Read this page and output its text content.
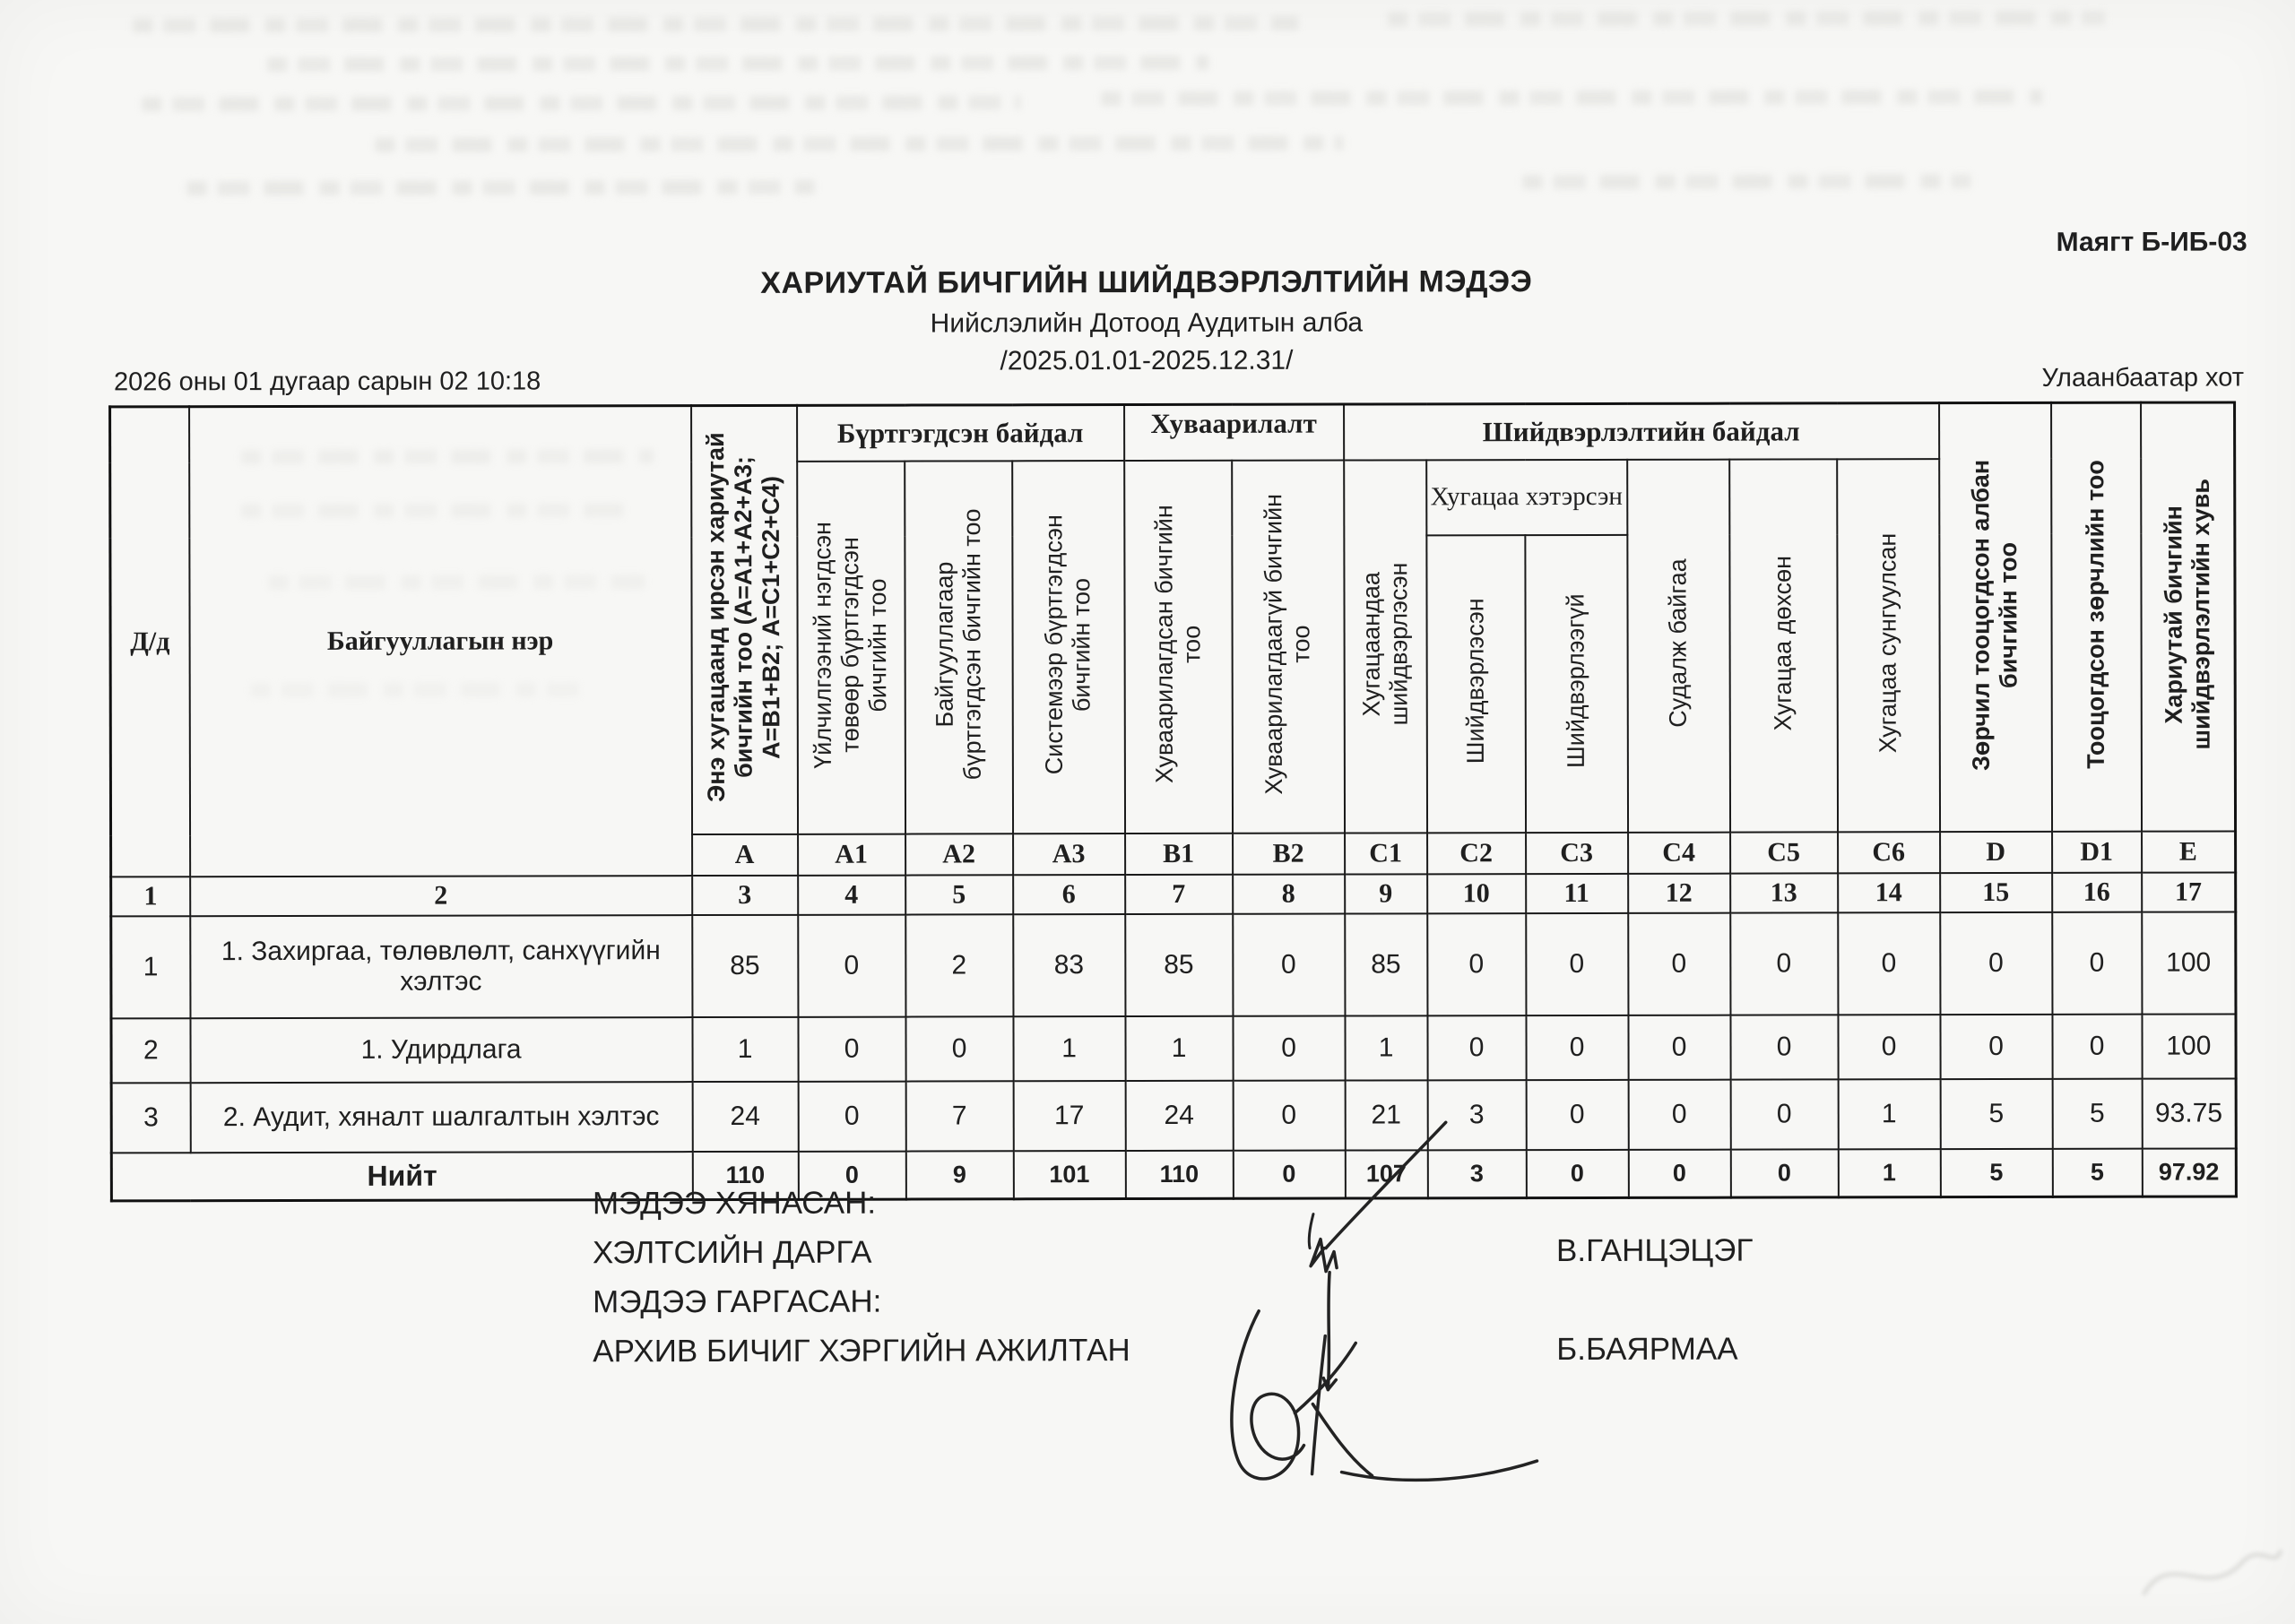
Маягт Б-ИБ-03
ХАРИУТАЙ БИЧГИЙН ШИЙДВЭРЛЭЛТИЙН МЭДЭЭ
Нийслэлийн Дотоод Аудитын алба
/2025.01.01-2025.12.31/
2026 оны 01 дугаар сарын 02 10:18	Улаанбаатар хот
Д/д	Байгууллагын нэр	Энэ хугацаанд ирсэн хариутай бичгийн тоо (А=А1+А2+А3; А=В1+В2; А=С1+С2+С4)	Бүртгэгдсэн байдал			Хуваарилалт		Шийдвэрлэлтийн байдал						Зөрчил тооцогдсон албан бичгийн тоо	Тооцогдсон зөрчлийн тоо	Хариутай бичгийн шийдвэрлэлтийн хувь
			Үйлчилгээний нэгдсэн төвөөр бүртгэгдсэн бичгийн тоо	Байгууллагаар бүртгэгдсэн бичгийн тоо	Системээр бүртгэгдсэн бичгийн тоо	Хуваарилагдсан бичгийн тоо	Хуваарилагдаагүй бичгийн тоо	Хугацаандаа шийдвэрлэсэн	Хугацаа хэтэрсэн		Судалж байгаа	Хугацаа дөхсөн	Хугацаа сунгуулсан			
									Шийдвэрлэсэн	Шийдвэрлээгүй						
		А	А1	А2	А3	В1	В2	С1	С2	С3	С4	С5	С6	D	D1	E
1	2	3	4	5	6	7	8	9	10	11	12	13	14	15	16	17
1	1. Захиргаа, төлөвлөлт, санхүүгийн хэлтэс	85	0	2	83	85	0	85	0	0	0	0	0	0	0	100
2	1. Удирдлага	1	0	0	1	1	0	1	0	0	0	0	0	0	0	100
3	2. Аудит, хяналт шалгалтын хэлтэс	24	0	7	17	24	0	21	3	0	0	0	1	5	5	93.75
Нийт		110	0	9	101	110	0	107	3	0	0	0	1	5	5	97.92
МЭДЭЭ ХЯНАСАН:
ХЭЛТСИЙН ДАРГА	В.ГАНЦЭЦЭГ
МЭДЭЭ ГАРГАСАН:
АРХИВ БИЧИГ ХЭРГИЙН АЖИЛТАН	Б.БАЯРМАА
